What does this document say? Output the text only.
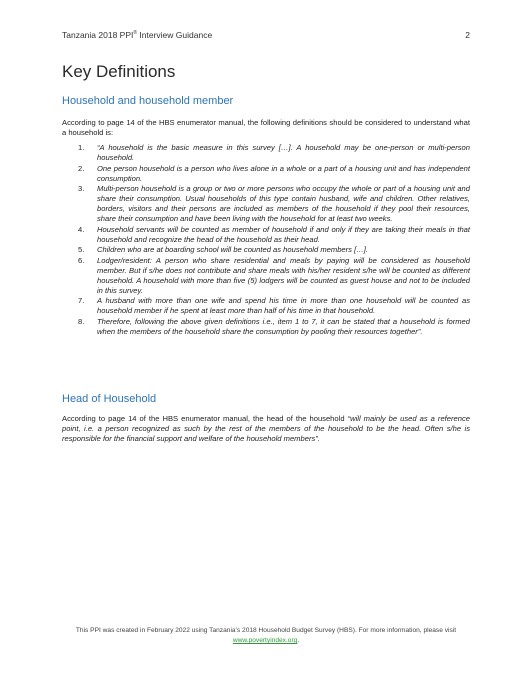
Tanzania 2018 PPI® Interview Guidance	2
Key Definitions
Household and household member

According to page 14 of the HBS enumerator manual, the following definitions should be considered to understand what a household is:

1.	“A household is the basic measure in this survey […]. A household may be one-person or multi-person household.
2.	One person household is a person who lives alone in a whole or a part of a housing unit and has independent consumption.
3.	Multi-person household is a group or two or more persons who occupy the whole or part of a housing unit and share their consumption. Usual households of this type contain husband, wife and children. Other relatives, borders, visitors and their persons are included as members of the household if they pool their resources, share their consumption and have been living with the household for at least two weeks.
4.	Household servants will be counted as member of household if and only if they are taking their meals in that household and recognize the head of the household as their head.
5.	Children who are at boarding school will be counted as household members […].
6.	Lodger/resident: A person who share residential and meals by paying will be considered as household member. But if s/he does not contribute and share meals with his/her resident s/he will be counted as different household. A household with more than five (5) lodgers will be counted as guest house and not to be included in this survey.
7.	A husband with more than one wife and spend his time in more than one household will be counted as household member if he spent at least more than half of his time in that household.
8.	Therefore, following the above given definitions i.e., item 1 to 7, it can be stated that a household is formed when the members of the household share the consumption by pooling their resources together”.
Head of Household

According to page 14 of the HBS enumerator manual, the head of the household “will mainly be used as a reference point, i.e. a person recognized as such by the rest of the members of the household to be the head. Often s/he is responsible for the financial support and welfare of the household members”.

This PPI was created in February 2022 using Tanzania’s 2018 Household Budget Survey (HBS). For more information, please visit
www.povertyindex.org.
